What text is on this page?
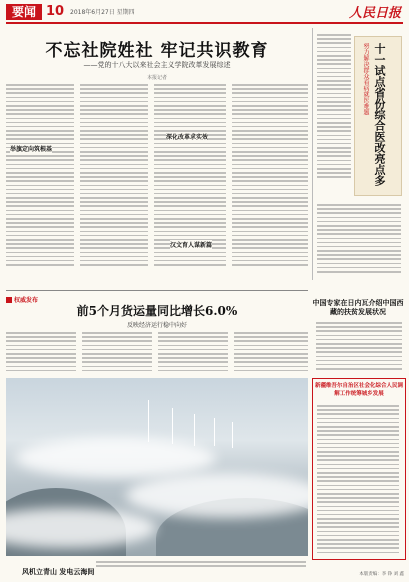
要闻 10 2018年6月27日 星期四	人民日报
不忘社院姓社 牢记共识教育
——党的十八大以来社会主义学院改革发展综述
本报记者
举旗定向筑根基
深化改革求实效
汉文育人谋新篇
努力解决群众看病就医难题 十一试点省份综合医改亮点多
权威发布
前5个月货运量同比增长6.0%
反映经济运行稳中向好
风机立青山 发电云海间
中国专家在日内瓦介绍中国西藏的扶贫发展状况
新疆维吾尔自治区社会化综合人民调解工作统筹城乡发展
本版责编：李 铮 刘 鑫
